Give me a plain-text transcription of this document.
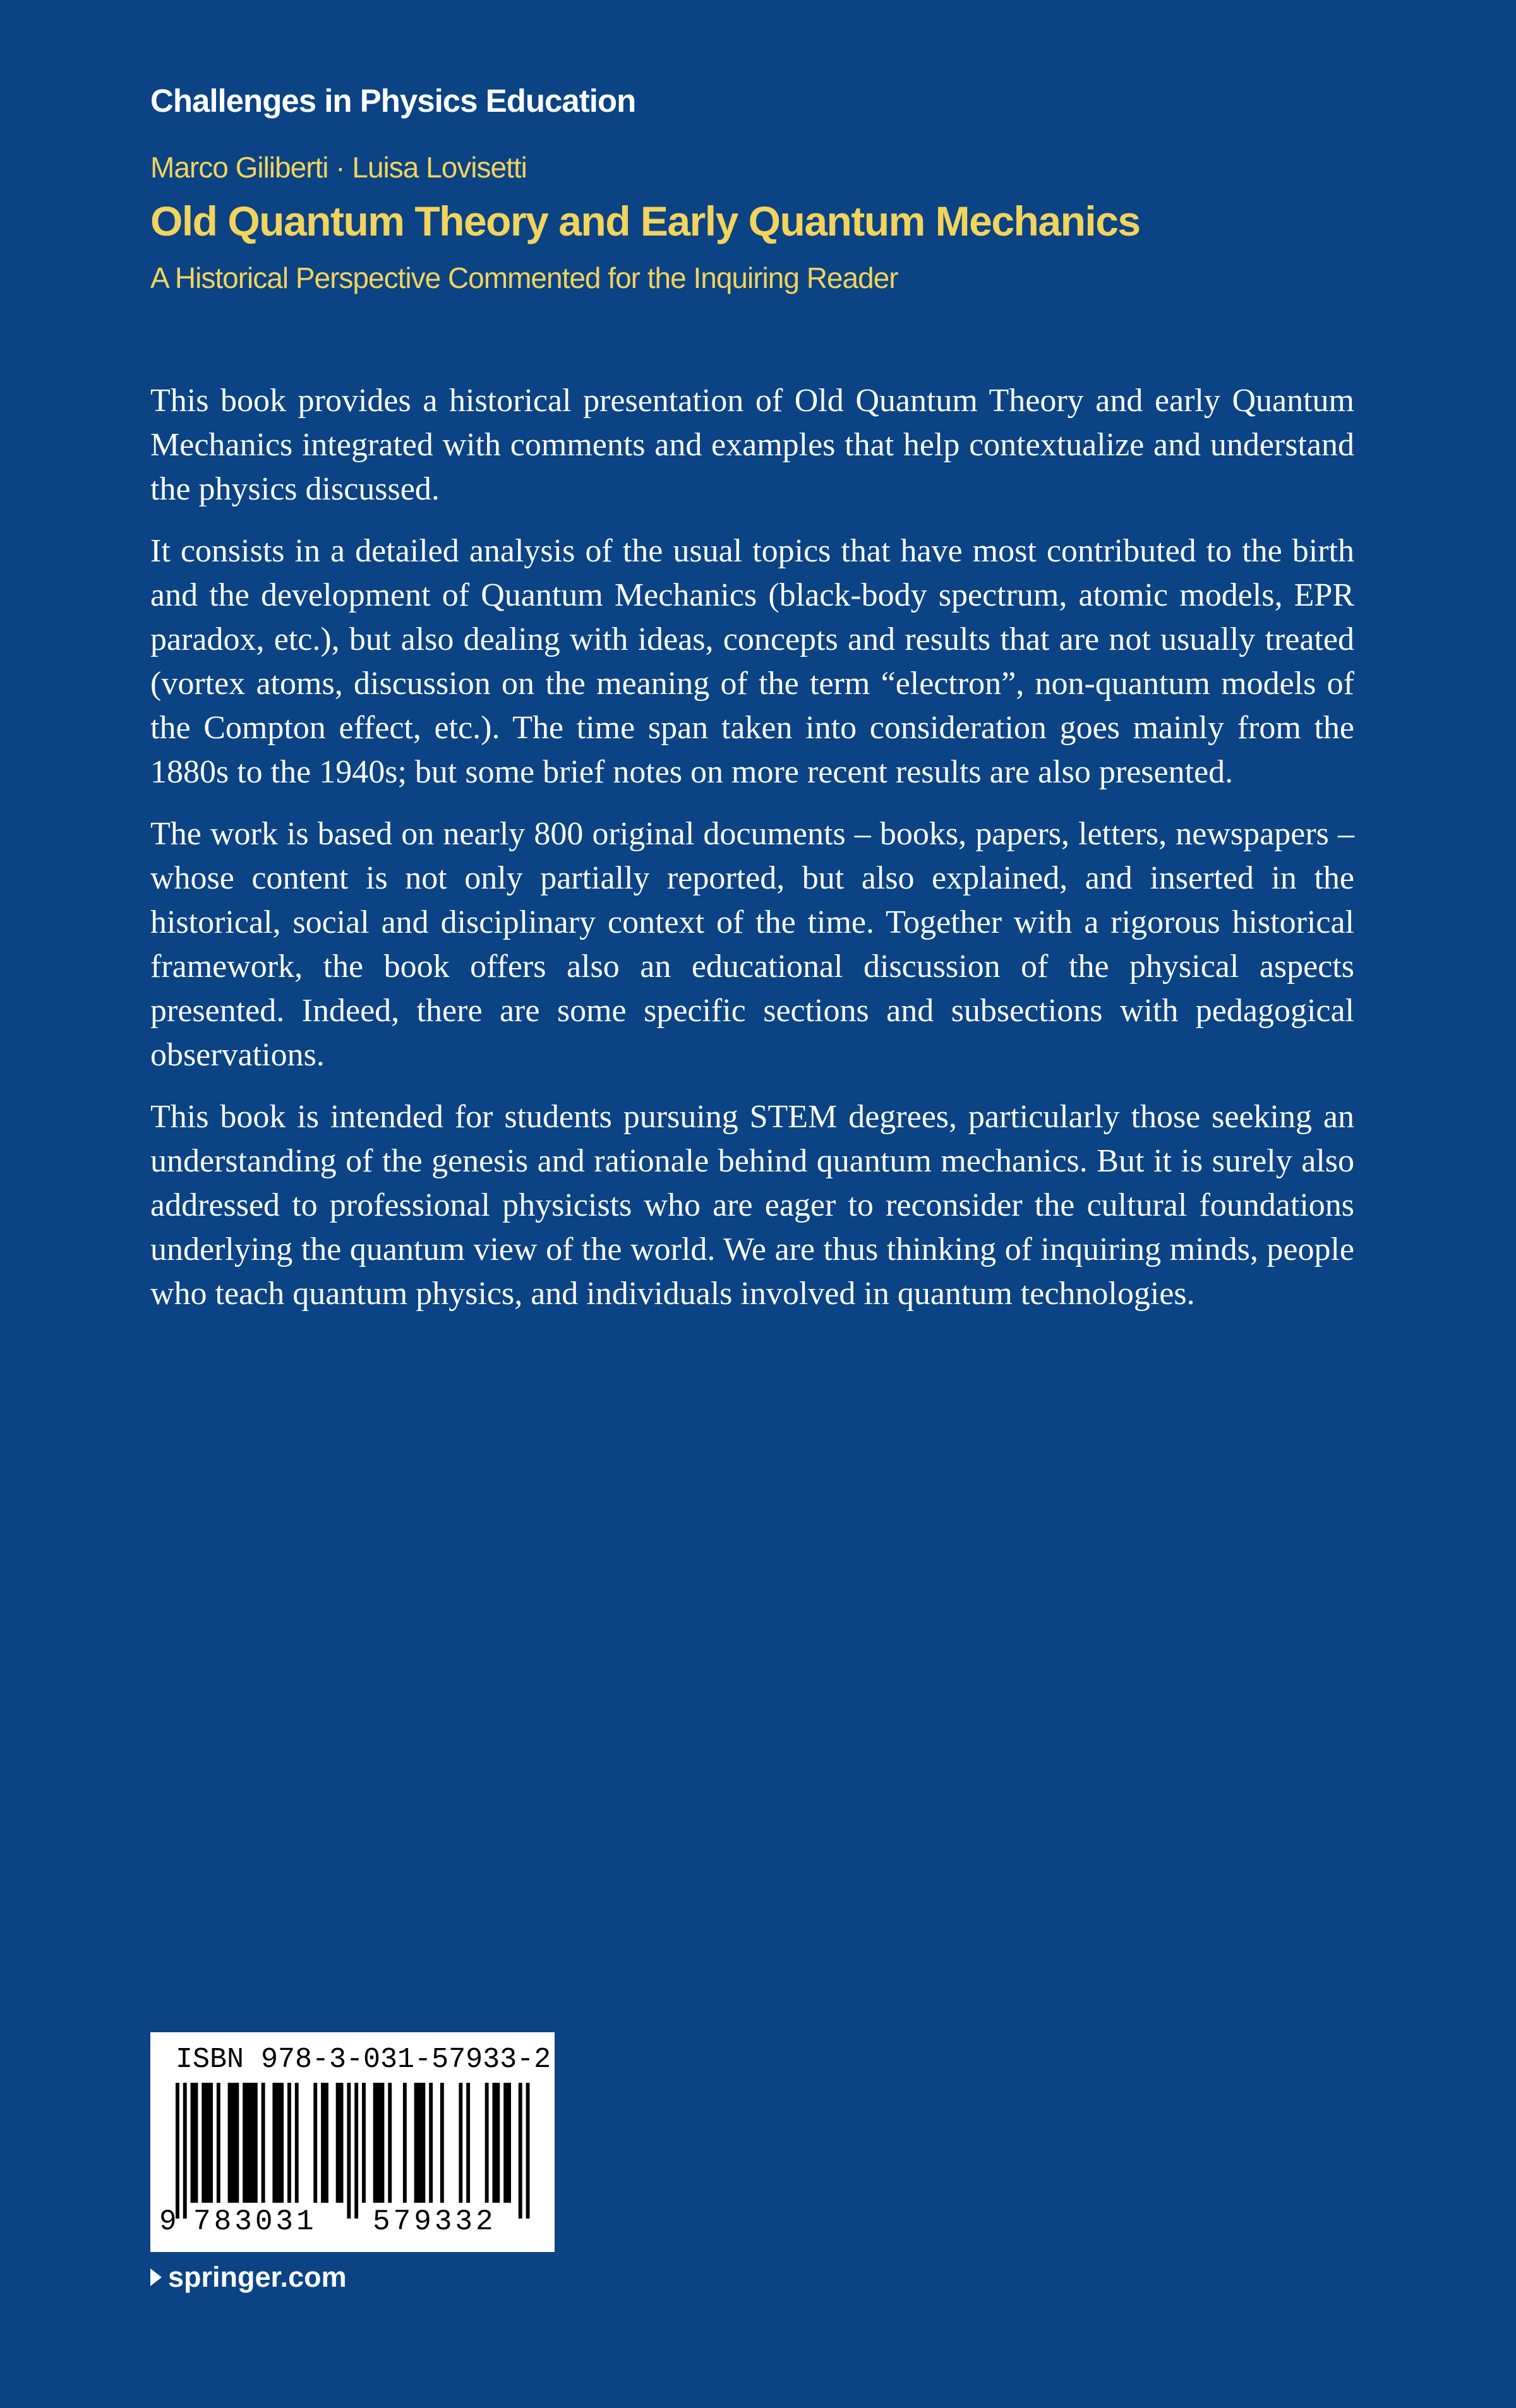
Challenges in Physics Education
Marco Giliberti · Luisa Lovisetti
Old Quantum Theory and Early Quantum Mechanics
A Historical Perspective Commented for the Inquiring Reader

This book provides a historical presentation of Old Quantum Theory and early Quantum Mechanics integrated with comments and examples that help contextualize and understand the physics discussed.

It consists in a detailed analysis of the usual topics that have most contributed to the birth and the development of Quantum Mechanics (black-body spectrum, atomic models, EPR paradox, etc.), but also dealing with ideas, concepts and results that are not usually treated (vortex atoms, discussion on the meaning of the term “electron”, non-quantum models of the Compton effect, etc.). The time span taken into consideration goes mainly from the 1880s to the 1940s; but some brief notes on more recent results are also presented.

The work is based on nearly 800 original documents – books, papers, letters, newspapers – whose content is not only partially reported, but also explained, and inserted in the historical, social and disciplinary context of the time. Together with a rigorous historical framework, the book offers also an educational discussion of the physical aspects presented. Indeed, there are some specific sections and subsections with pedagogical observations.

This book is intended for students pursuing STEM degrees, particularly those seeking an understanding of the genesis and rationale behind quantum mechanics. But it is surely also addressed to professional physicists who are eager to reconsider the cultural foundations underlying the quantum view of the world. We are thus thinking of inquiring minds, people who teach quantum physics, and individuals involved in quantum technologies.

ISBN 978-3-031-57933-2
9 783031 579332
springer.com
